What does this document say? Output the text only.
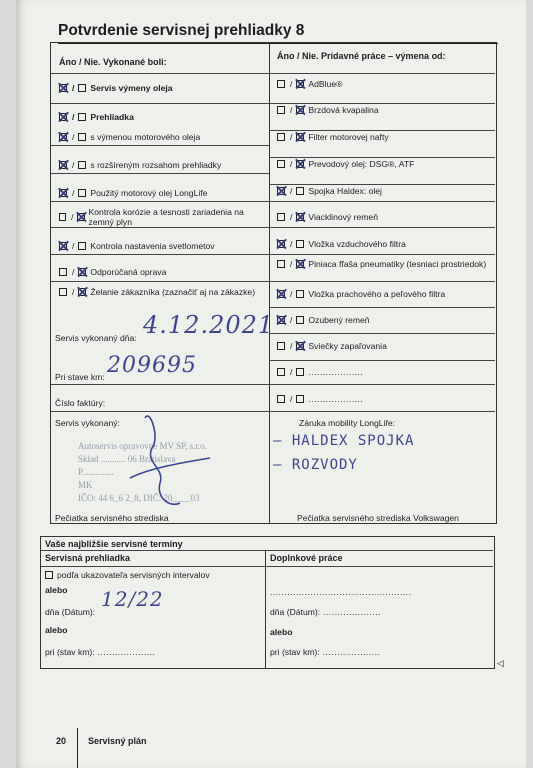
Potvrdenie servisnej prehliadky 8
Áno / Nie. Vykonané boli:
Áno / Nie. Prídavné práce – výmena od:
/ Servis výmeny oleja
/ Prehliadka
/ s výmenou motorového oleja
/ s rozšíreným rozsahom prehliadky
/ Použitý motorový olej LongLife
/ Kontrola korózie a tesnosti zariadenia na zemný plyn
/ Kontrola nastavenia svetlometov
/ Odporúčaná oprava
/ Želanie zákazníka (zaznačiť aj na zákazke)
/ AdBlue®
/ Brzdová kvapalina
/ Filter motorovej nafty
/ Prevodový olej: DSG®, ATF
/ Spojka Haldex: olej
/ Viacklinový remeň
/ Vložka vzduchového filtra
/ Piniaca fľaša pneumatiky (tesniaci prostriedok)
/ Vložka prachového a peľového filtra
/ Ozubený remeň
/ Sviečky zapaľovania
/ ...................
/ ...................
Servis vykonaný dňa: 4.12.2021
Pri stave km: 209695
Číslo faktúry:
Servis vykonaný:
Pečiatka servisného strediska
Záruka mobility LongLife:
– HALDEX SPOJKA
– ROZVODY
Pečiatka servisného strediska Volkswagen
Autoservis opravovne MV SP, s.r.o.
Sklad ........... 06 Bratislava
P..............
MK
IČO: 44 6_6 2_8, DIČ: 20____03
Vaše najbližšie servisné termíny
Servisná prehliadka	Doplnkové práce
podľa ukazovateľa servisných intervalov
alebo
dňa (Dátum):
12/22
alebo
pri (stav km): ....................
.................................................
dňa (Dátum): ....................
alebo
pri (stav km): ....................
◁
20 Servisný plán
